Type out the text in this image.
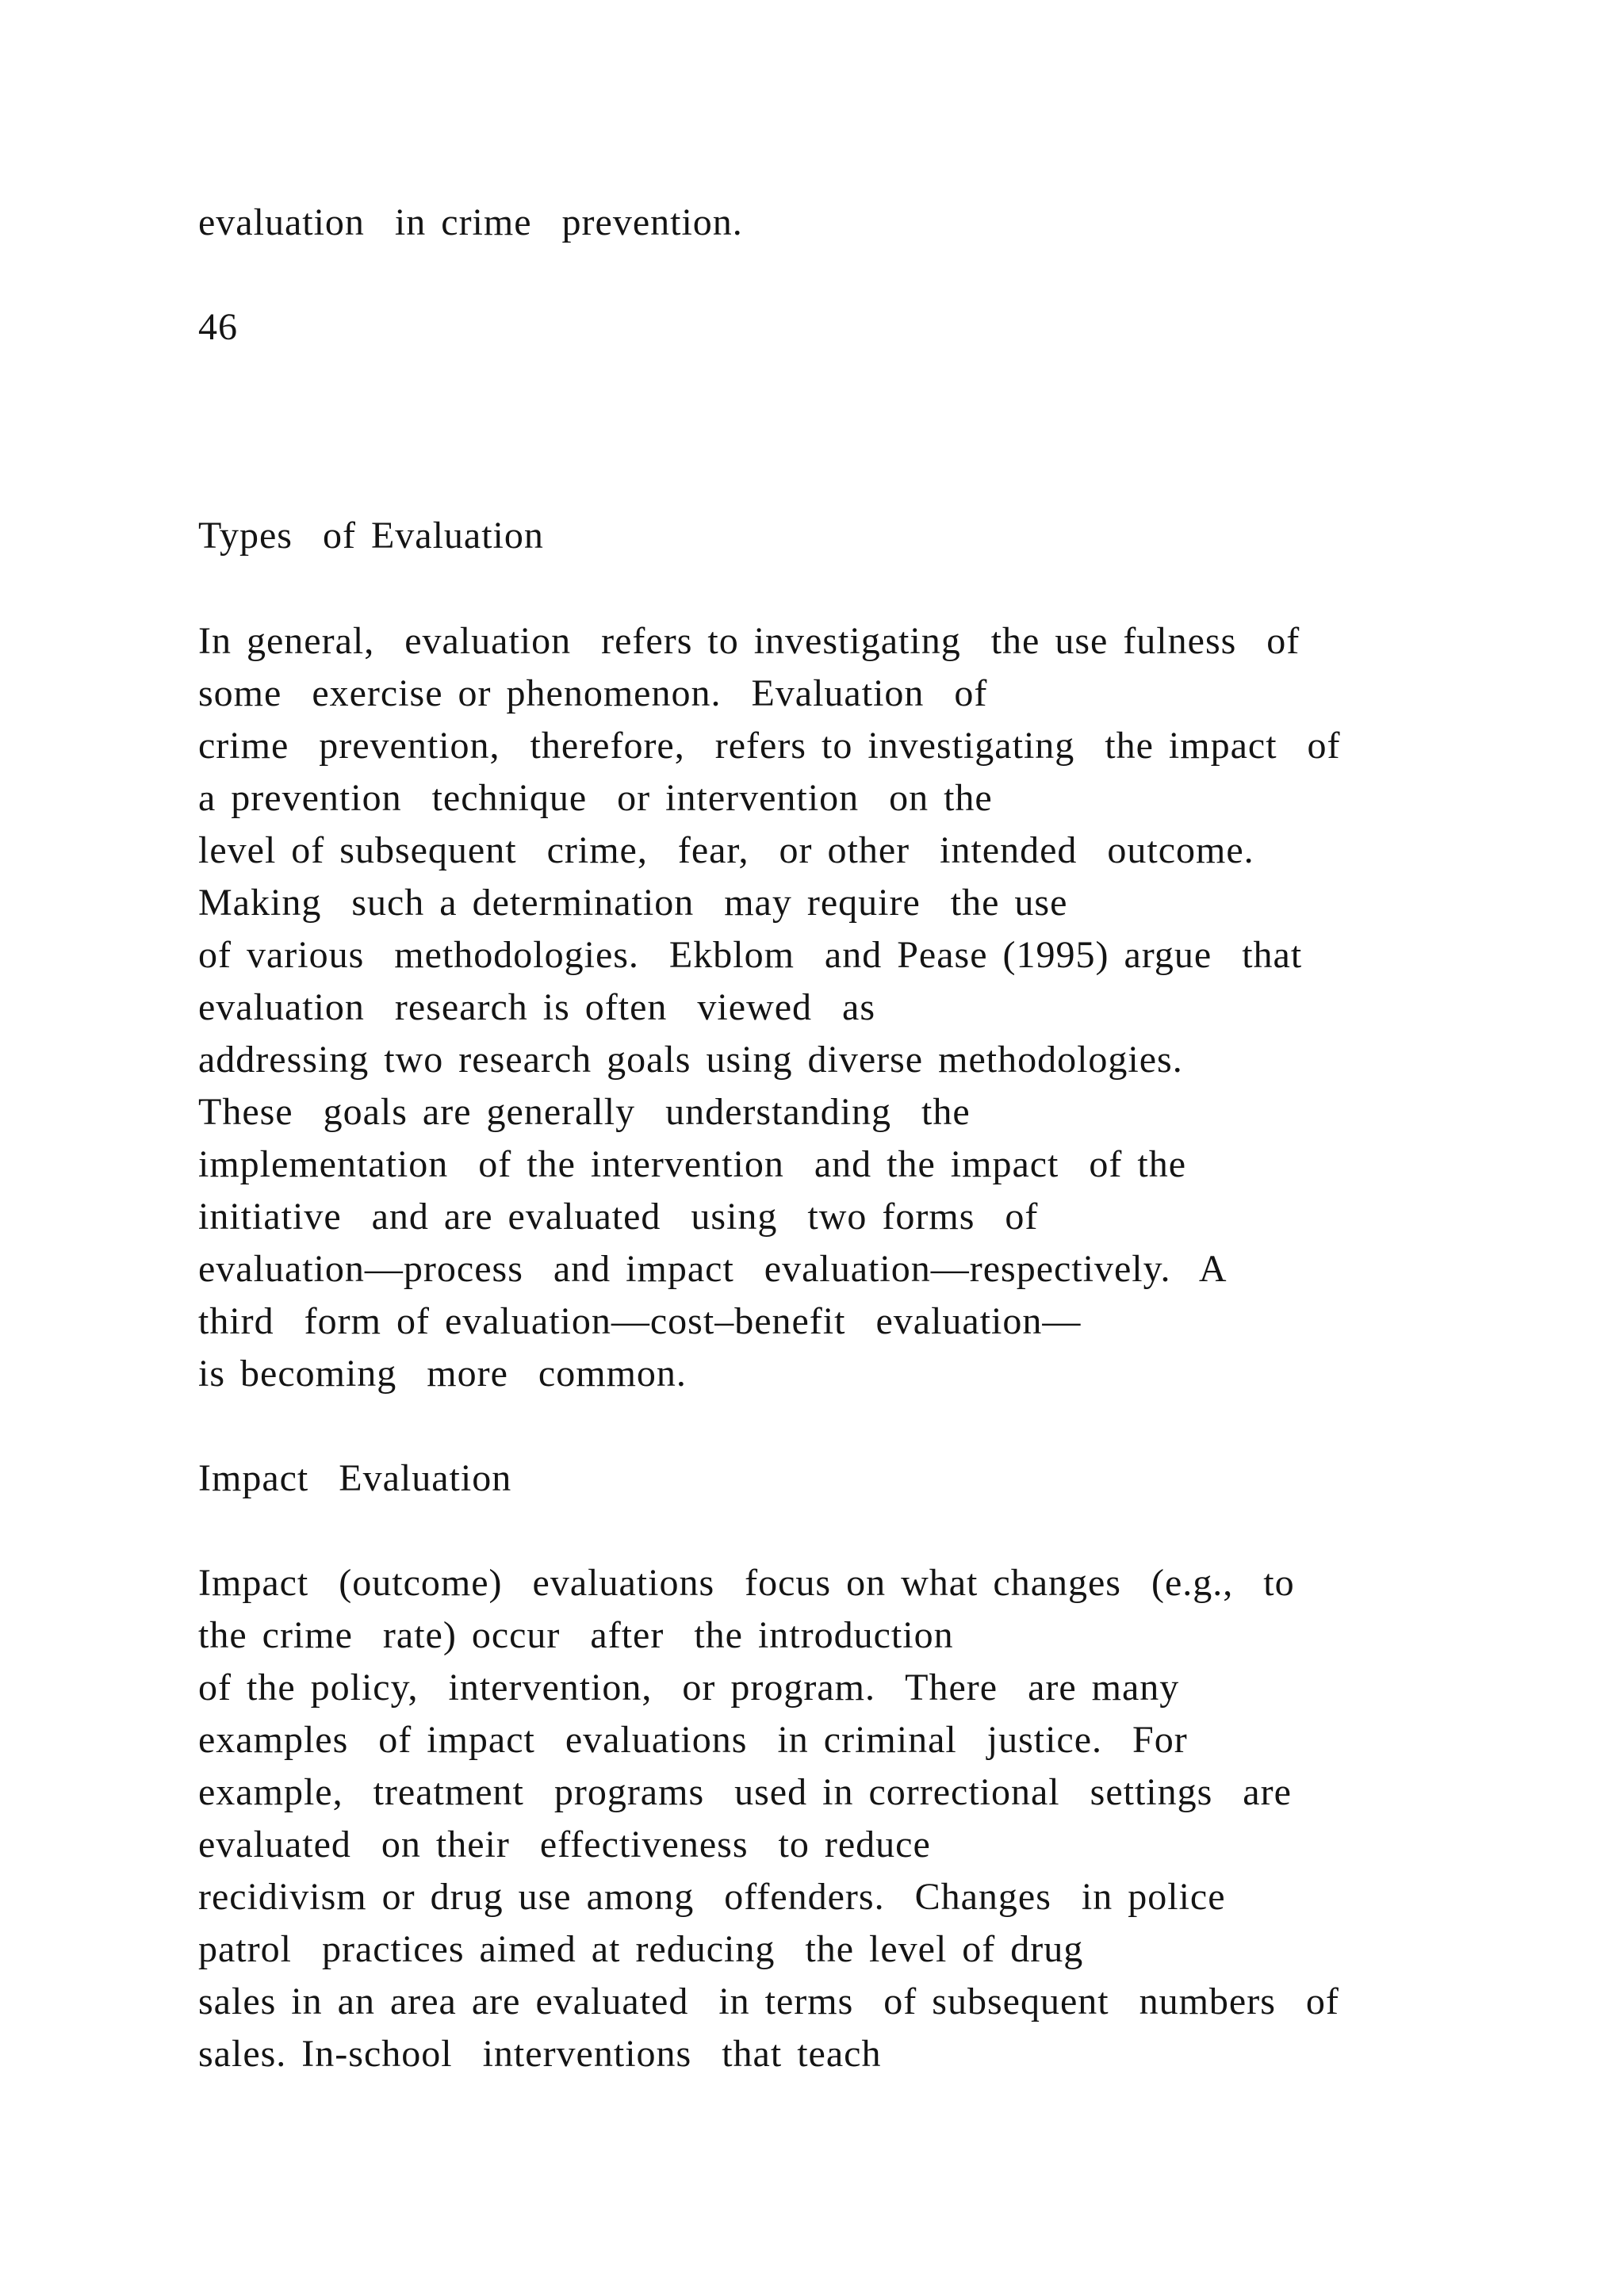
evaluation  in crime  prevention.
46
Types  of Evaluation
In general,  evaluation  refers to investigating  the use fulness  of
some  exercise or phenomenon.  Evaluation  of
crime  prevention,  therefore,  refers to investigating  the impact  of
a prevention  technique  or intervention  on the
level of subsequent  crime,  fear,  or other  intended  outcome.
Making  such a determination  may require  the use
of various  methodologies.  Ekblom  and Pease (1995) argue  that
evaluation  research is often  viewed  as
addressing two research goals using diverse methodologies.
These  goals are generally  understanding  the
implementation  of the intervention  and the impact  of the
initiative  and are evaluated  using  two forms  of
evaluation—process  and impact  evaluation—respectively.  A
third  form of evaluation—cost–benefit  evaluation—
is becoming  more  common.
Impact  Evaluation
Impact  (outcome)  evaluations  focus on what changes  (e.g.,  to
the crime  rate) occur  after  the introduction
of the policy,  intervention,  or program.  There  are many
examples  of impact  evaluations  in criminal  justice.  For
example,  treatment  programs  used in correctional  settings  are
evaluated  on their  effectiveness  to reduce
recidivism or drug use among  offenders.  Changes  in police
patrol  practices aimed at reducing  the level of drug
sales in an area are evaluated  in terms  of subsequent  numbers  of
sales. In-school  interventions  that teach
